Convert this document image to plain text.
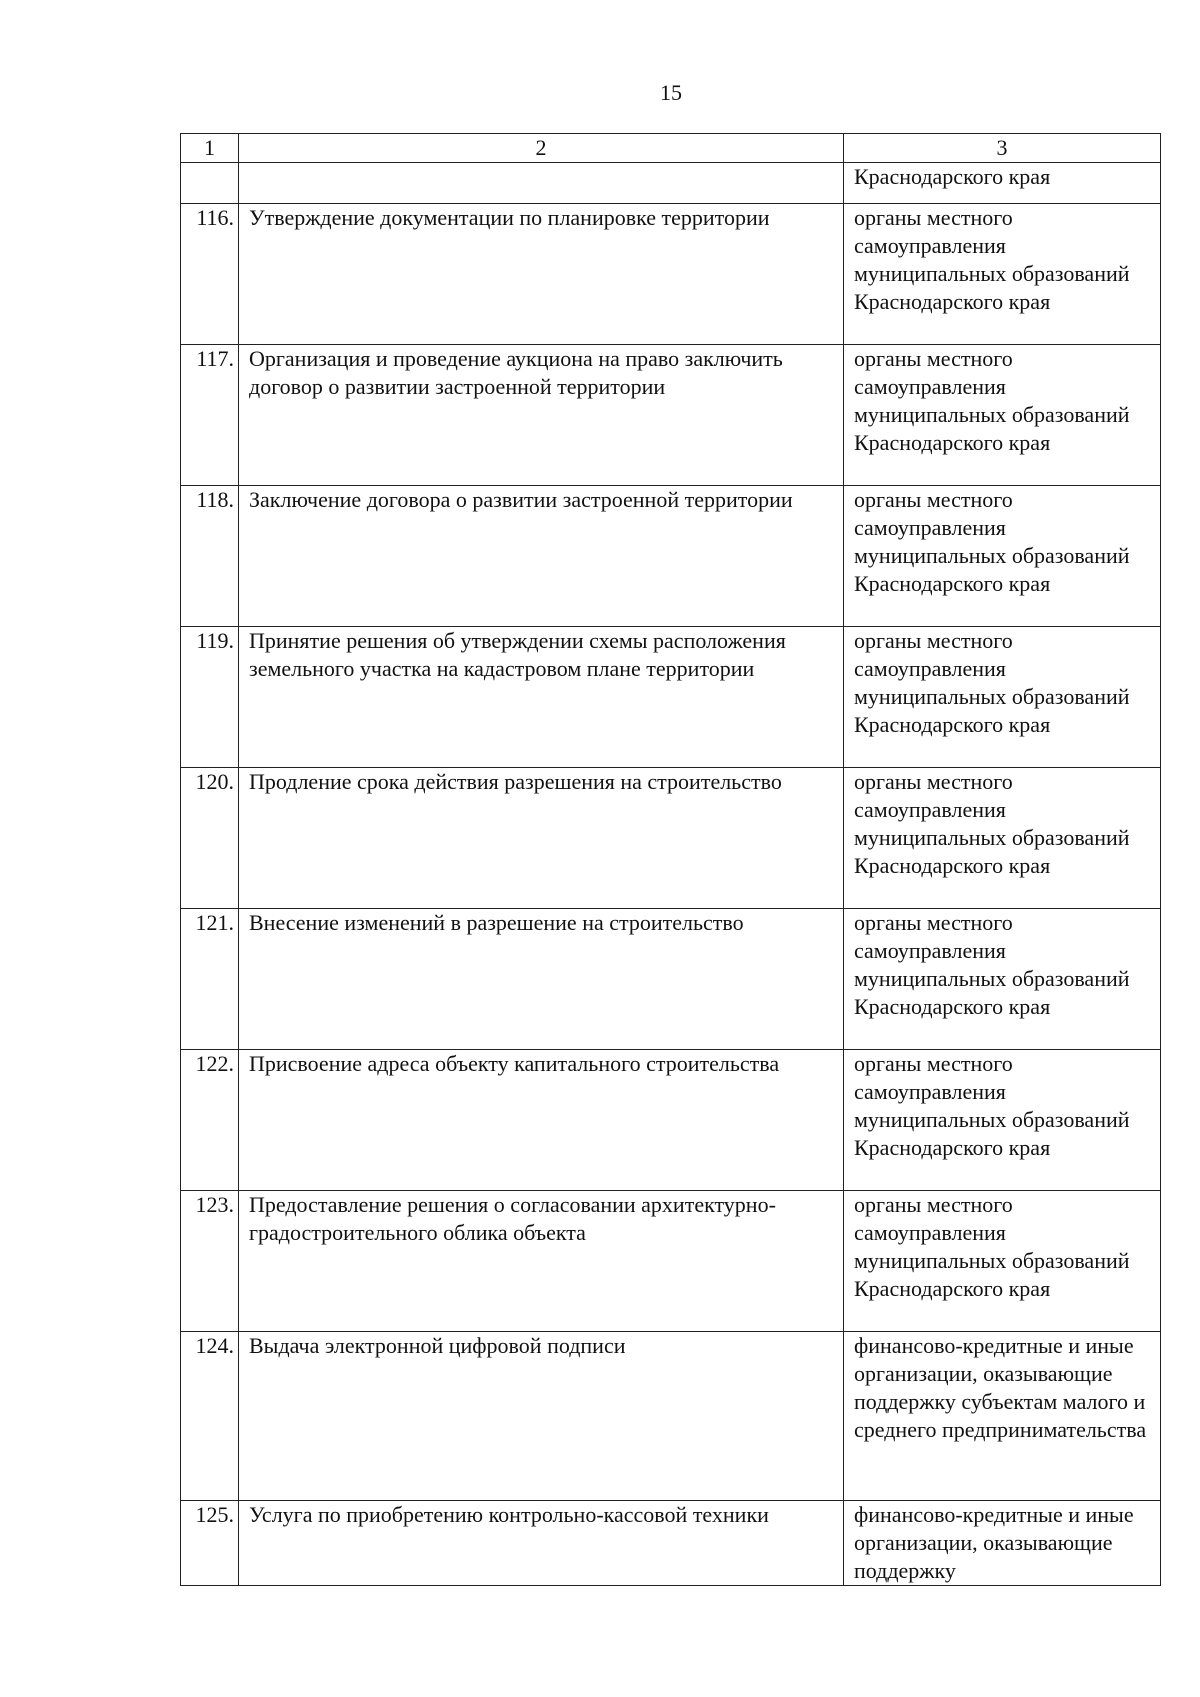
15
1	2	3
		Краснодарского края
116.	Утверждение документации по планировке территории	органы местного самоуправления муниципальных образований Краснодарского края
117.	Организация и проведение аукциона на право заключить договор о развитии застроенной территории	органы местного самоуправления муниципальных образований Краснодарского края
118.	Заключение договора о развитии застроенной территории	органы местного самоуправления муниципальных образований Краснодарского края
119.	Принятие решения об утверждении схемы расположения земельного участка на кадастровом плане территории	органы местного самоуправления муниципальных образований Краснодарского края
120.	Продление срока действия разрешения на строительство	органы местного самоуправления муниципальных образований Краснодарского края
121.	Внесение изменений в разрешение на строительство	органы местного самоуправления муниципальных образований Краснодарского края
122.	Присвоение адреса объекту капитального строительства	органы местного самоуправления муниципальных образований Краснодарского края
123.	Предоставление решения о согласовании архитектурно-градостроительного облика объекта	органы местного самоуправления муниципальных образований Краснодарского края
124.	Выдача электронной цифровой подписи	финансово-кредитные и иные организации, оказывающие поддержку субъектам малого и среднего предпринимательства
125.	Услуга по приобретению контрольно-кассовой техники	финансово-кредитные и иные организации, оказывающие поддержку
